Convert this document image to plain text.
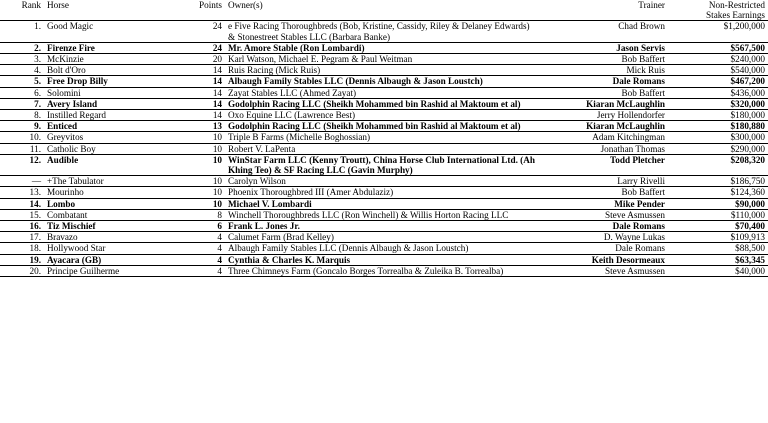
Rank	Horse	Points	Owner(s)	Trainer	Non-Restricted
Stakes Earnings

1.	Good Magic	24	e Five Racing Thoroughbreds (Bob, Kristine, Cassidy, Riley & Delaney Edwards) & Stonestreet Stables LLC (Barbara Banke)	Chad Brown	$1,200,000
2.	Firenze Fire	24	Mr. Amore Stable (Ron Lombardi)	Jason Servis	$567,500
3.	McKinzie	20	Karl Watson, Michael E. Pegram & Paul Weitman	Bob Baffert	$240,000
4.	Bolt d'Oro	14	Ruis Racing (Mick Ruis)	Mick Ruis	$540,000
5.	Free Drop Billy	14	Albaugh Family Stables LLC (Dennis Albaugh & Jason Loustch)	Dale Romans	$467,200
6.	Solomini	14	Zayat Stables LLC (Ahmed Zayat)	Bob Baffert	$436,000
7.	Avery Island	14	Godolphin Racing LLC (Sheikh Mohammed bin Rashid al Maktoum et al)	Kiaran McLaughlin	$320,000
8.	Instilled Regard	14	Oxo Equine LLC (Lawrence Best)	Jerry Hollendorfer	$180,000
9.	Enticed	13	Godolphin Racing LLC (Sheikh Mohammed bin Rashid al Maktoum et al)	Kiaran McLaughlin	$180,880
10.	Greyvitos	10	Triple B Farms (Michelle Boghossian)	Adam Kitchingman	$300,000
11.	Catholic Boy	10	Robert V. LaPenta	Jonathan Thomas	$290,000
12.	Audible	10	WinStar Farm LLC (Kenny Troutt), China Horse Club International Ltd. (Ah Khing Teo) & SF Racing LLC (Gavin Murphy)	Todd Pletcher	$208,320
—	+The Tabulator	10	Carolyn Wilson	Larry Rivelli	$186,750
13.	Mourinho	10	Phoenix Thoroughbred III (Amer Abdulaziz)	Bob Baffert	$124,360
14.	Lombo	10	Michael V. Lombardi	Mike Pender	$90,000
15.	Combatant	8	Winchell Thoroughbreds LLC (Ron Winchell) & Willis Horton Racing LLC	Steve Asmussen	$110,000
16.	Tiz Mischief	6	Frank L. Jones Jr.	Dale Romans	$70,400
17.	Bravazo	4	Calumet Farm (Brad Kelley)	D. Wayne Lukas	$109,913
18.	Hollywood Star	4	Albaugh Family Stables LLC (Dennis Albaugh & Jason Loustch)	Dale Romans	$88,500
19.	Ayacara (GB)	4	Cynthia & Charles K. Marquis	Keith Desormeaux	$63,345
20.	Principe Guilherme	4	Three Chimneys Farm (Goncalo Borges Torrealba & Zuleika B. Torrealba)	Steve Asmussen	$40,000
